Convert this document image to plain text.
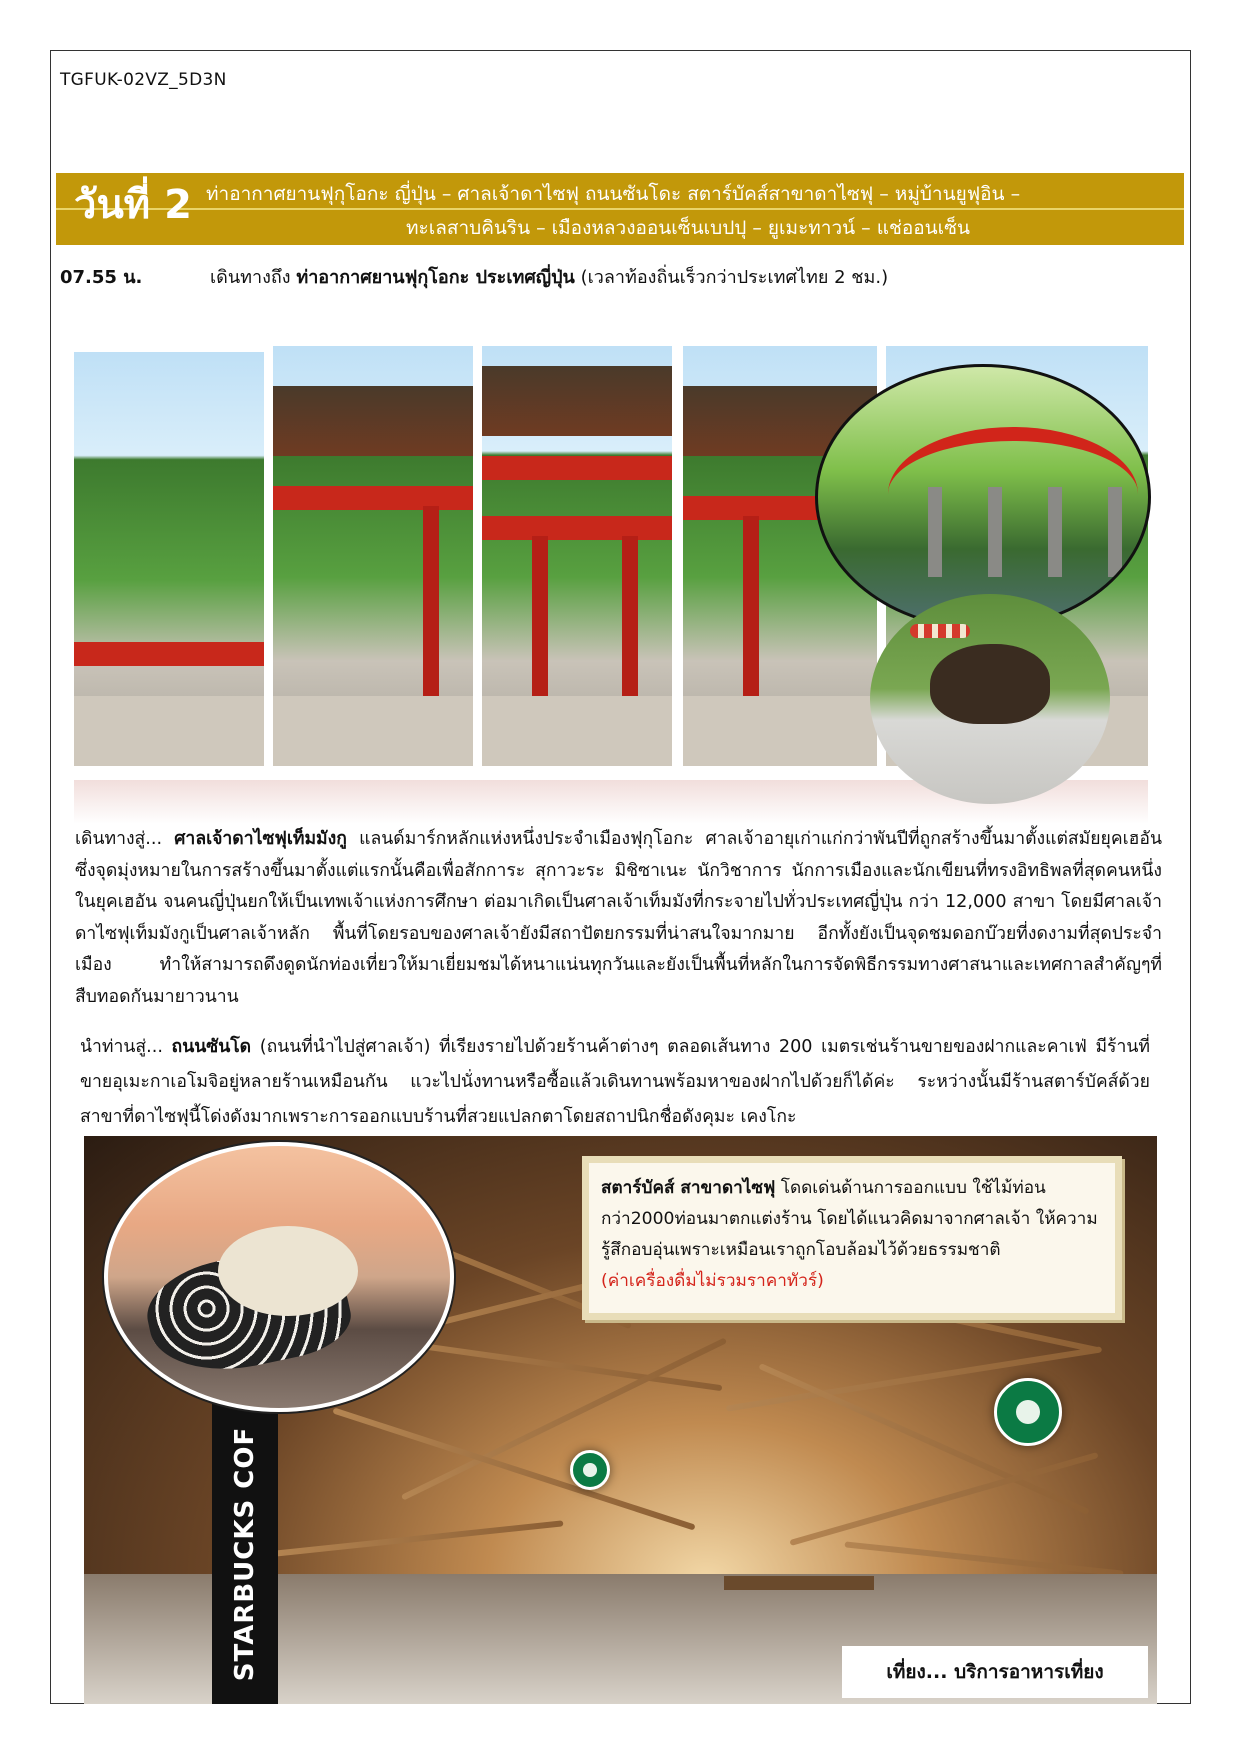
TGFUK-02VZ_5D3N
วันที่ 2 ท่าอากาศยานฟุกุโอกะ ญี่ปุ่น – ศาลเจ้าดาไซฟุ ถนนซันโดะ สตาร์บัคส์สาขาดาไซฟุ – หมู่บ้านยูฟุอิน –
ทะเลสาบคินริน – เมืองหลวงออนเซ็นเบปปุ – ยูเมะทาวน์ – แช่ออนเซ็น
07.55 น.	เดินทางถึง ท่าอากาศยานฟุกุโอกะ ประเทศญี่ปุ่น (เวลาท้องถิ่นเร็วกว่าประเทศไทย 2 ชม.)

เดินทางสู่... ศาลเจ้าดาไซฟุเท็มมังกู แลนด์มาร์กหลักแห่งหนึ่งประจำเมืองฟุกุโอกะ ศาลเจ้าอายุเก่าแก่กว่าพันปีที่ถูกสร้างขึ้นมาตั้งแต่สมัยยุคเฮอัน ซึ่งจุดมุ่งหมายในการสร้างขึ้นมาตั้งแต่แรกนั้นคือเพื่อสักการะ สุกาวะระ มิชิซาเนะ นักวิชาการ นักการเมืองและนักเขียนที่ทรงอิทธิพลที่สุดคนหนึ่งในยุคเฮอัน จนคนญี่ปุ่นยกให้เป็นเทพเจ้าแห่งการศึกษา ต่อมาเกิดเป็นศาลเจ้าเท็มมังที่กระจายไปทั่วประเทศญี่ปุ่น กว่า 12,000 สาขา โดยมีศาลเจ้าดาไซฟุเท็มมังกูเป็นศาลเจ้าหลัก พื้นที่โดยรอบของศาลเจ้ายังมีสถาปัตยกรรมที่น่าสนใจมากมาย อีกทั้งยังเป็นจุดชมดอกบ๊วยที่งดงามที่สุดประจำเมือง ทำให้สามารถดึงดูดนักท่องเที่ยวให้มาเยี่ยมชมได้หนาแน่นทุกวันและยังเป็นพื้นที่หลักในการจัดพิธีกรรมทางศาสนาและเทศกาลสำคัญๆที่สืบทอดกันมายาวนาน

นำท่านสู่... ถนนซันโด (ถนนที่นำไปสู่ศาลเจ้า) ที่เรียงรายไปด้วยร้านค้าต่างๆ ตลอดเส้นทาง 200 เมตรเช่นร้านขายของฝากและคาเฟ่ มีร้านที่ขายอุเมะกาเอโมจิอยู่หลายร้านเหมือนกัน แวะไปนั่งทานหรือซื้อแล้วเดินทานพร้อมหาของฝากไปด้วยก็ได้ค่ะ ระหว่างนั้นมีร้านสตาร์บัคส์ด้วย สาขาที่ดาไซฟุนี้โด่งดังมากเพราะการออกแบบร้านที่สวยแปลกตาโดยสถาปนิกชื่อดังคุมะ เคงโกะ

STARBUCKS COF
สตาร์บัคส์ สาขาดาไซฟุ โดดเด่นด้านการออกแบบ ใช้ไม้ท่อนกว่า2000ท่อนมาตกแต่งร้าน โดยได้แนวคิดมาจากศาลเจ้า ให้ความรู้สึกอบอุ่นเพราะเหมือนเราถูกโอบล้อมไว้ด้วยธรรมชาติ
(ค่าเครื่องดื่มไม่รวมราคาทัวร์)
เที่ยง... บริการอาหารเที่ยง
